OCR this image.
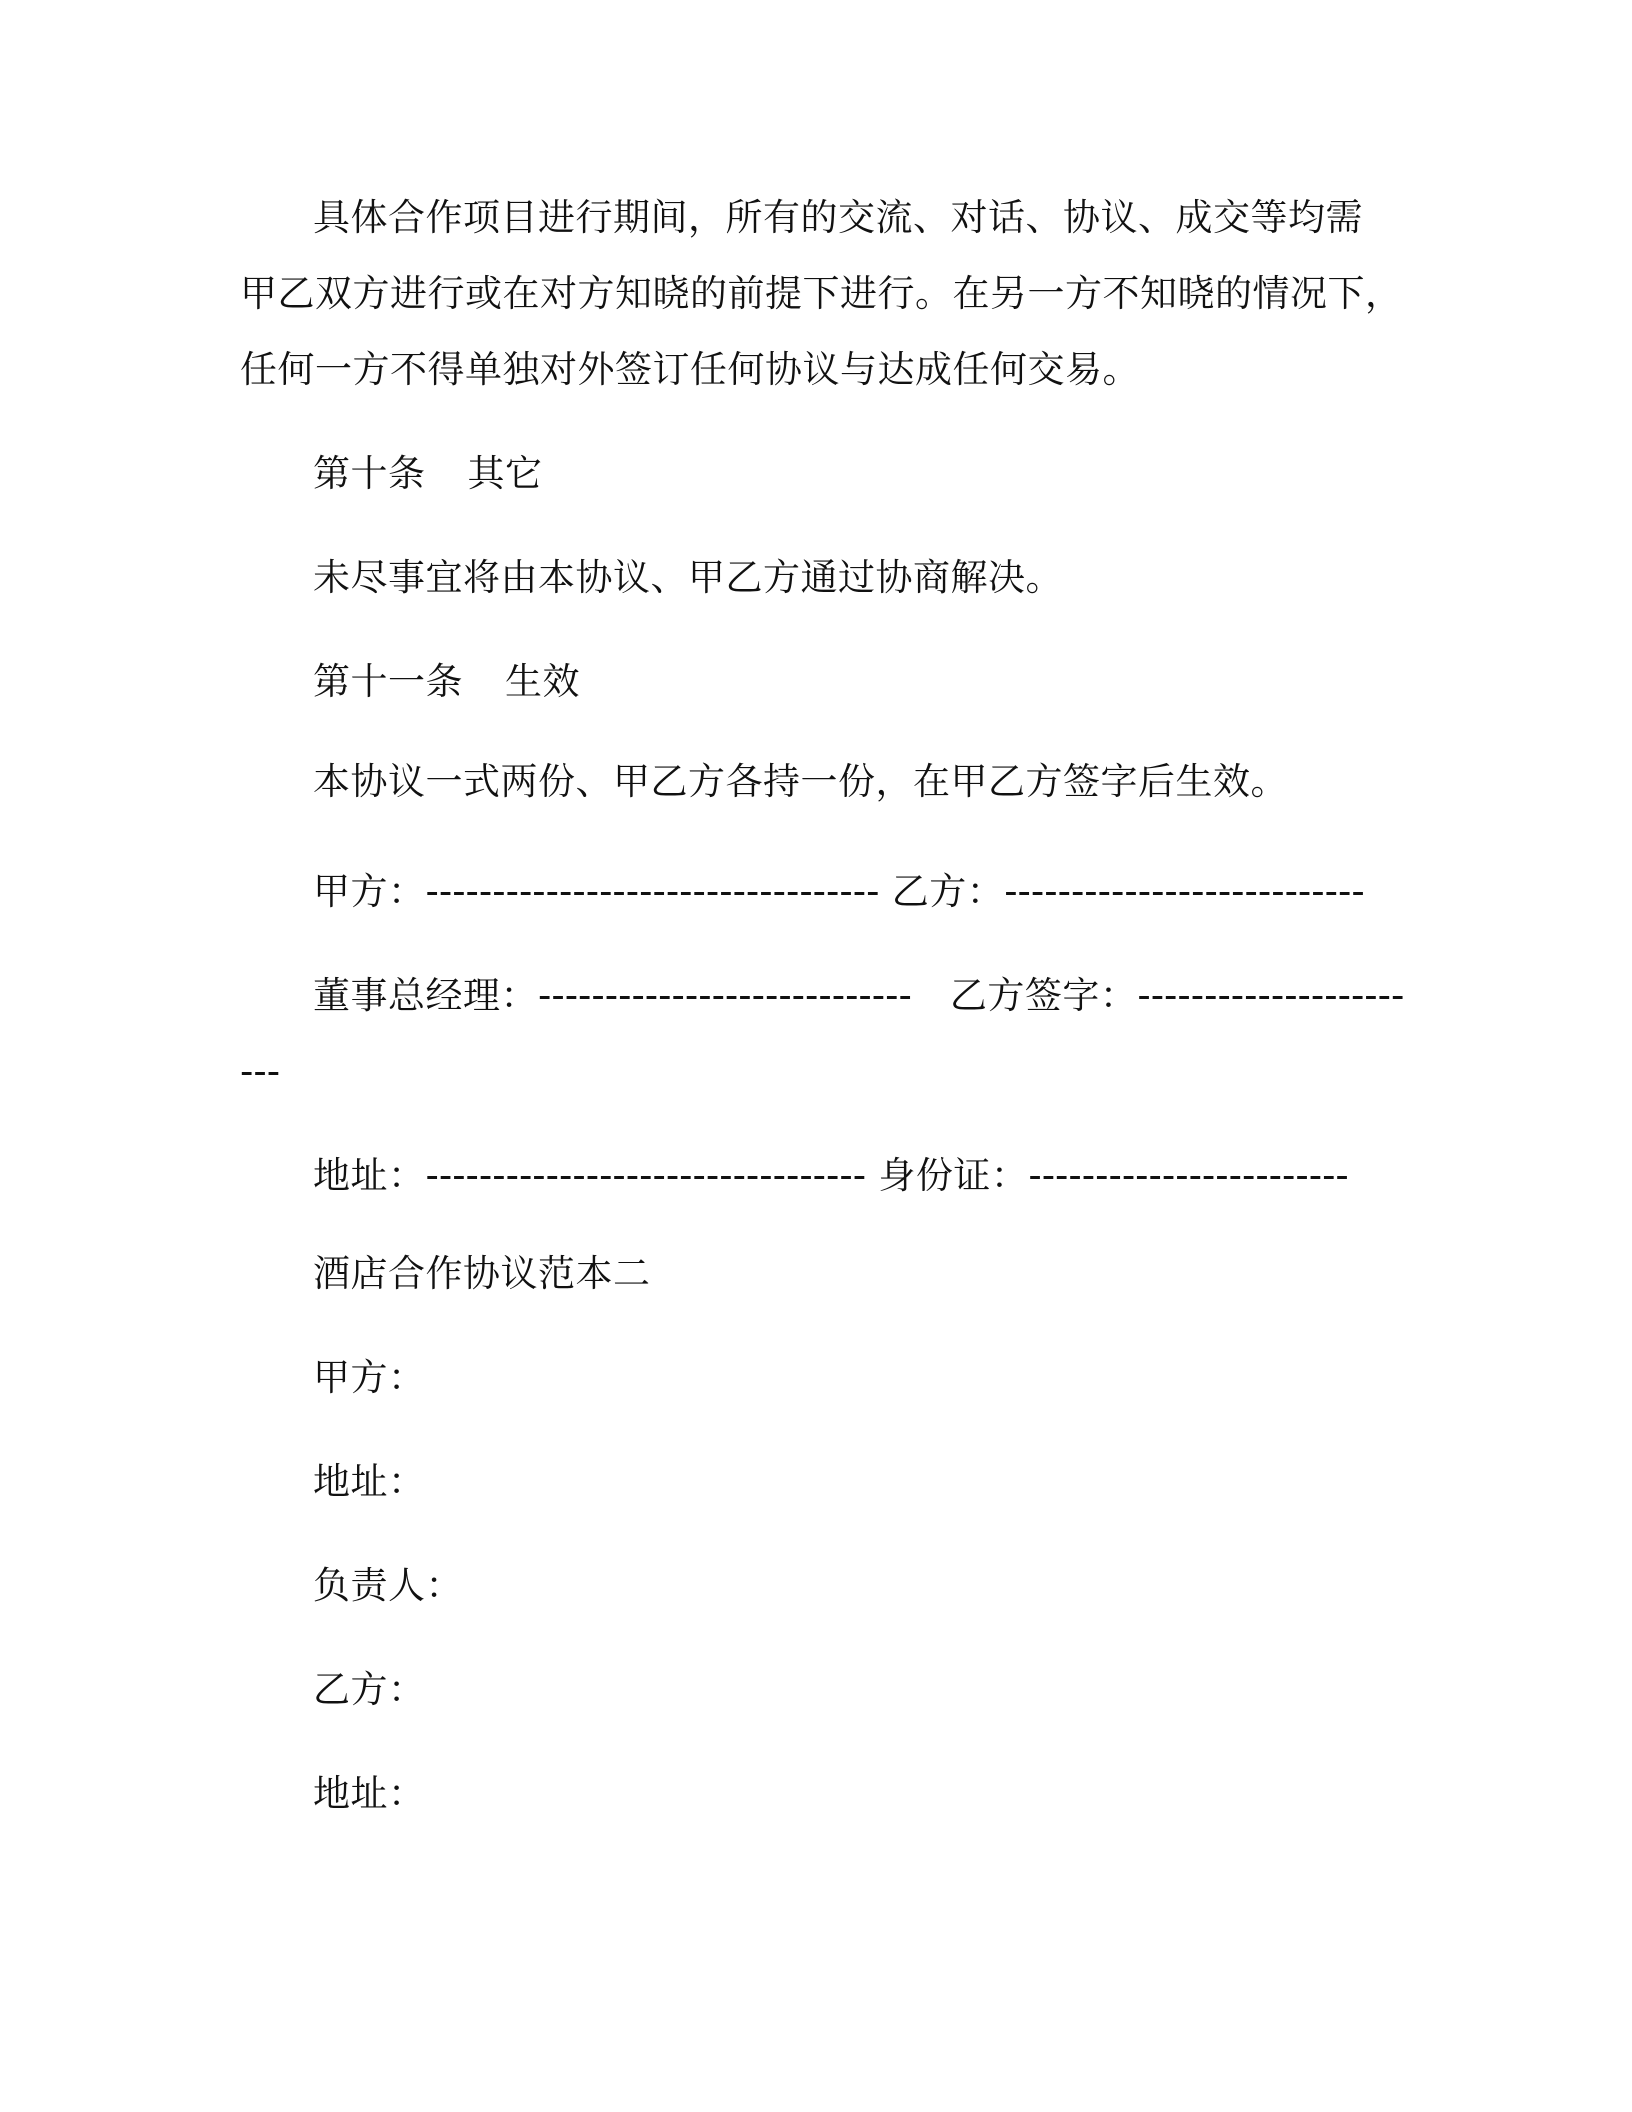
具体合作项目进行期间，所有的交流、对话、协议、成交等均需
甲乙双方进行或在对方知晓的前提下进行。在另一方不知晓的情况下，
任何一方不得单独对外签订任何协议与达成任何交易。
第十条 其它
未尽事宜将由本协议、甲乙方通过协商解决。
第十一条 生效
本协议一式两份、甲乙方各持一份，在甲乙方签字后生效。
甲方：---------------------------------- 乙方：---------------------------
董事总经理：---------------------------- 乙方签字：--------------------
---
地址：--------------------------------- 身份证：------------------------
酒店合作协议范本二
甲方：
地址：
负责人：
乙方：
地址：
